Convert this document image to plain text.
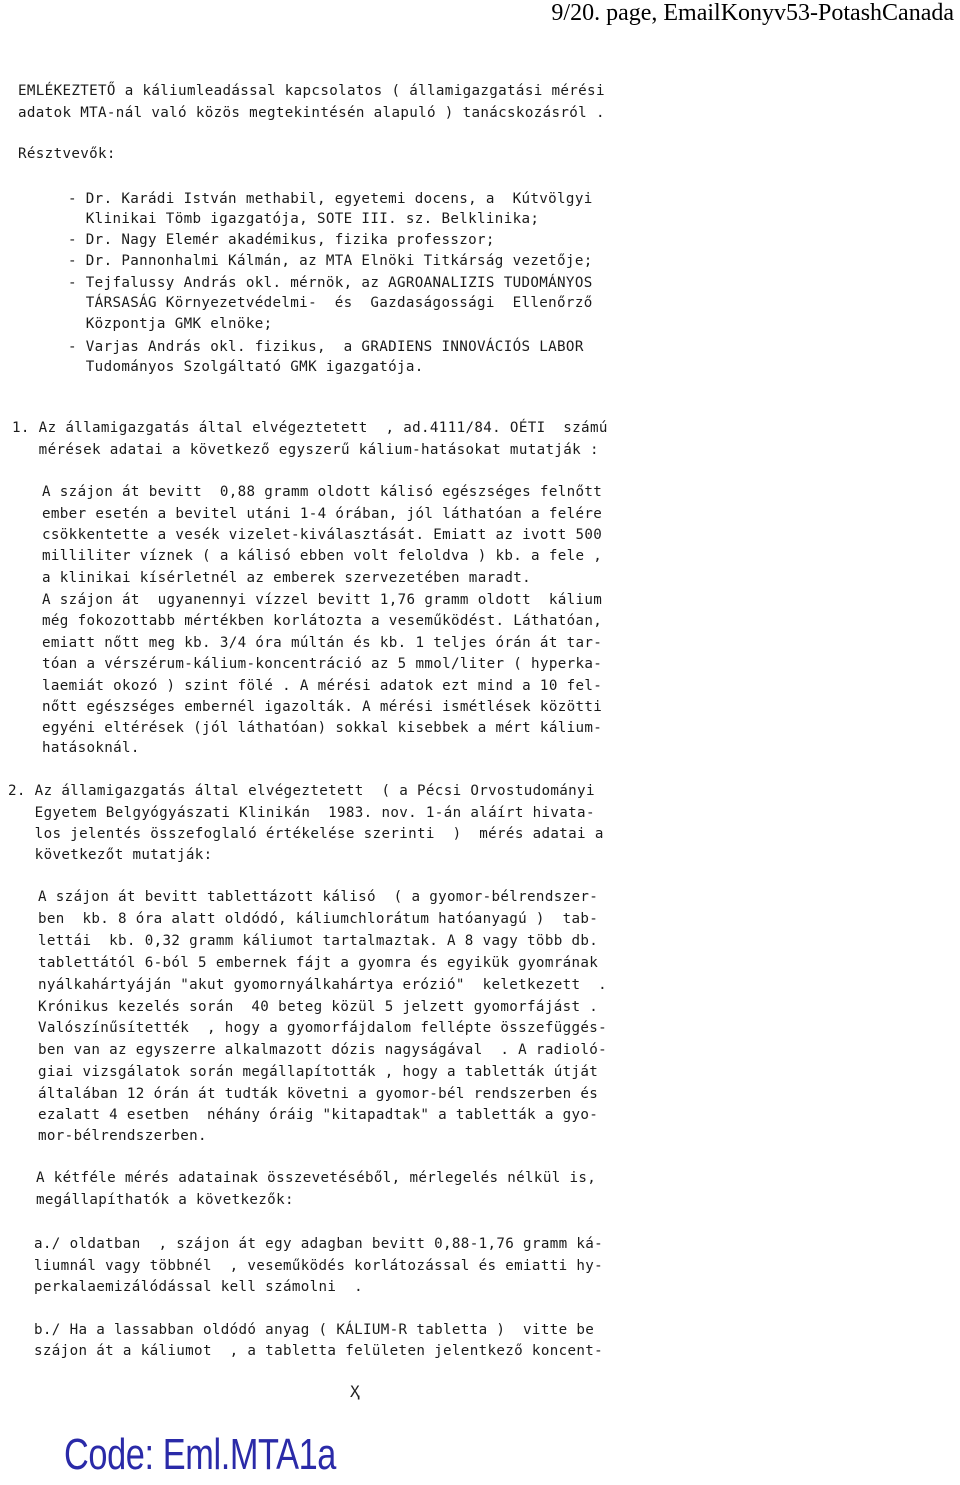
9/20. page, EmailKonyv53-PotashCanada
EMLÉKEZTETŐ a káliumleadással kapcsolatos ( államigazgatási mérési
adatok MTA-nál való közös megtekintésén alapuló ) tanácskozásról .
Résztvevők:
- Dr. Karádi István methabil, egyetemi docens, a  Kútvölgyi
Klinikai Tömb igazgatója, SOTE III. sz. Belklinika;
- Dr. Nagy Elemér akadémikus, fizika professzor;
- Dr. Pannonhalmi Kálmán, az MTA Elnöki Titkárság vezetője;
- Tejfalussy András okl. mérnök, az AGROANALIZIS TUDOMÁNYOS
TÁRSASÁG Környezetvédelmi-  és  Gazdaságossági  Ellenőrző
Központja GMK elnöke;
- Varjas András okl. fizikus,  a GRADIENS INNOVÁCIÓS LABOR
Tudományos Szolgáltató GMK igazgatója.
1. Az államigazgatás által elvégeztetett  , ad.4111/84. OÉTI  számú
mérések adatai a következő egyszerű kálium-hatásokat mutatják :
A szájon át bevitt  0,88 gramm oldott kálisó egészséges felnőtt
ember esetén a bevitel utáni 1-4 órában, jól láthatóan a felére
csökkentette a vesék vizelet-kiválasztását. Emiatt az ivott 500
milliliter víznek ( a kálisó ebben volt feloldva ) kb. a fele ,
a klinikai kísérletnél az emberek szervezetében maradt.
A szájon át  ugyanennyi vízzel bevitt 1,76 gramm oldott  kálium
még fokozottabb mértékben korlátozta a veseműködést. Láthatóan,
emiatt nőtt meg kb. 3/4 óra múltán és kb. 1 teljes órán át tar-
tóan a vérszérum-kálium-koncentráció az 5 mmol/liter ( hyperka-
laemiát okozó ) szint fölé . A mérési adatok ezt mind a 10 fel-
nőtt egészséges embernél igazolták. A mérési ismétlések közötti
egyéni eltérések (jól láthatóan) sokkal kisebbek a mért kálium-
hatásoknál.
2. Az államigazgatás által elvégeztetett  ( a Pécsi Orvostudományi
Egyetem Belgyógyászati Klinikán  1983. nov. 1-án aláírt hivata-
los jelentés összefoglaló értékelése szerinti  )  mérés adatai a
következőt mutatják:
A szájon át bevitt tablettázott kálisó  ( a gyomor-bélrendszer-
ben  kb. 8 óra alatt oldódó, káliumchlorátum hatóanyagú )  tab-
lettái  kb. 0,32 gramm káliumot tartalmaztak. A 8 vagy több db.
tablettától 6-ból 5 embernek fájt a gyomra és egyikük gyomrának
nyálkahártyáján "akut gyomornyálkahártya erózió"  keletkezett  .
Krónikus kezelés során  40 beteg közül 5 jelzett gyomorfájást .
Valószínűsítették  , hogy a gyomorfájdalom fellépte összefüggés-
ben van az egyszerre alkalmazott dózis nagyságával  . A radioló-
giai vizsgálatok során megállapították , hogy a tabletták útját
általában 12 órán át tudták követni a gyomor-bél rendszerben és
ezalatt 4 esetben  néhány óráig "kitapadtak" a tabletták a gyo-
mor-bélrendszerben.
A kétféle mérés adatainak összevetéséből, mérlegelés nélkül is,
megállapíthatók a következők:
a./ oldatban  , szájon át egy adagban bevitt 0,88-1,76 gramm ká-
liumnál vagy többnél  , veseműködés korlátozással és emiatti hy-
perkalaemizálódással kell számolni  .
b./ Ha a lassabban oldódó anyag ( KÁLIUM-R tabletta )  vitte be
szájon át a káliumot  , a tabletta felületen jelentkező koncent-
Ҳ
Code: Eml.MTA1a
